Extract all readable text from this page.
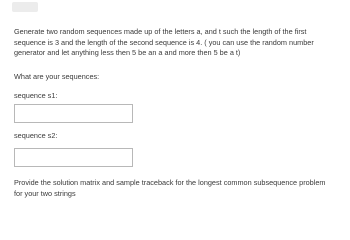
Generate two random sequences made up of the letters a, and t such the length of the first
sequence is 3 and the length of the second sequence is 4. ( you can use the random number
generator and let anything less then 5 be an a and more then 5 be a t)
What are your sequences:
sequence s1:
sequence s2:
Provide the solution matrix and sample traceback for the longest common subsequence problem
for your two strings
